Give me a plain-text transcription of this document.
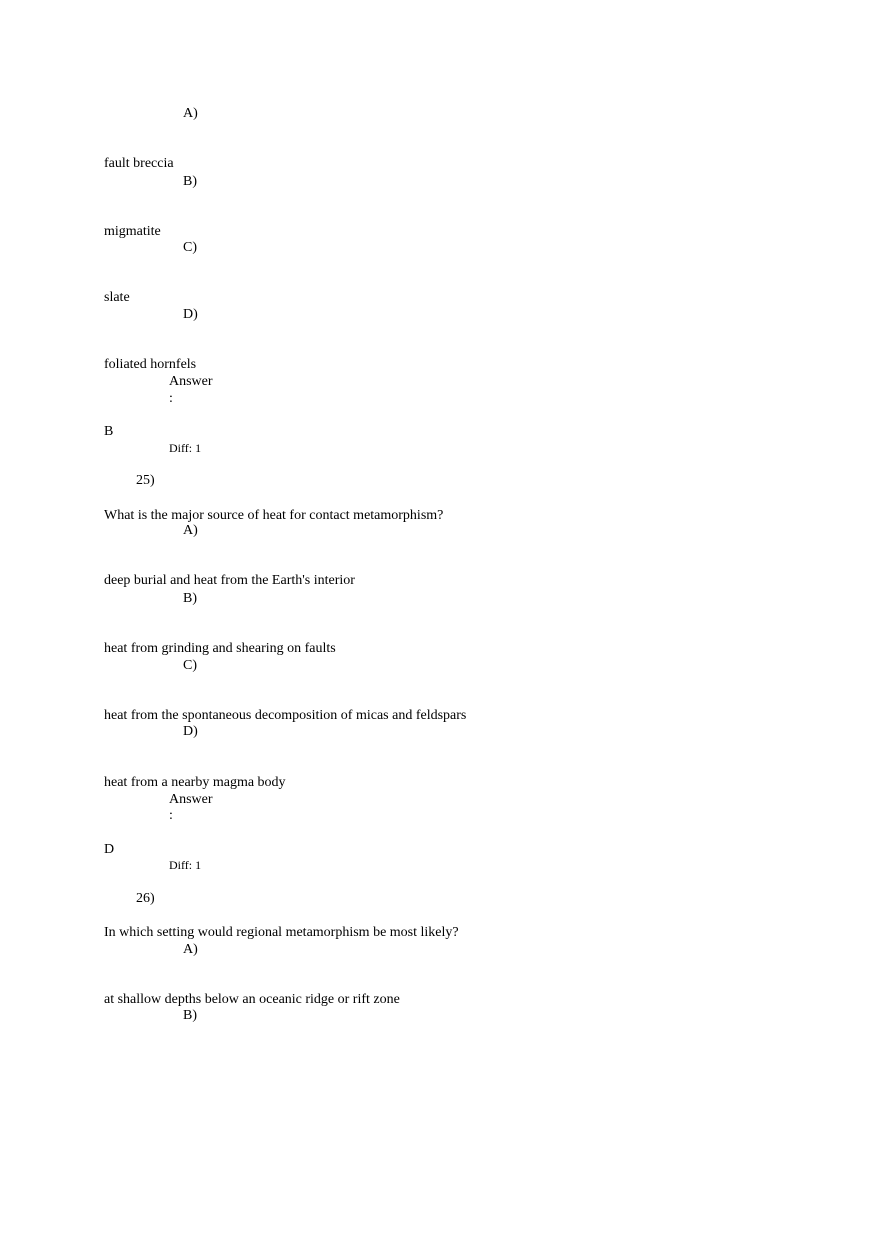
A)
fault breccia
B)
migmatite
C)
slate
D)
foliated hornfels
Answer
:
B
Diff: 1
25)
What is the major source of heat for contact metamorphism?
A)
deep burial and heat from the Earth's interior
B)
heat from grinding and shearing on faults
C)
heat from the spontaneous decomposition of micas and feldspars
D)
heat from a nearby magma body
Answer
:
D
Diff: 1
26)
In which setting would regional metamorphism be most likely?
A)
at shallow depths below an oceanic ridge or rift zone
B)
